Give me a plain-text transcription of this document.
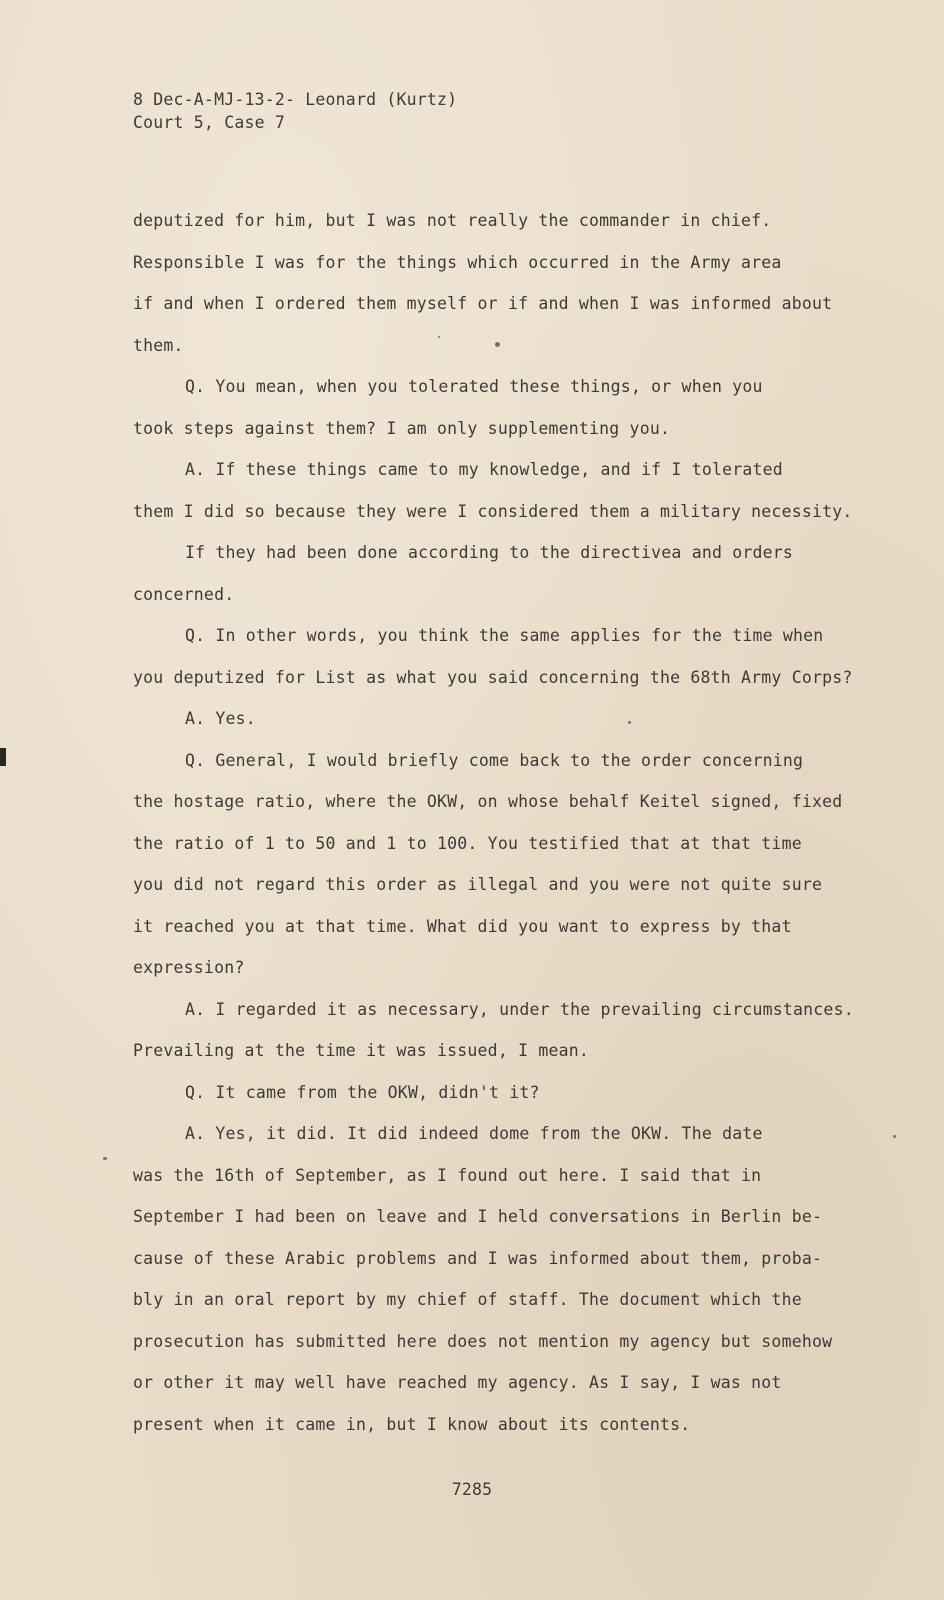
8 Dec-A-MJ-13-2- Leonard (Kurtz)
Court 5, Case 7
deputized for him, but I was not really the commander in chief.
Responsible I was for the things which occurred in the Army area
if and when I ordered them myself or if and when I was informed about
them.
Q. You mean, when you tolerated these things, or when you
took steps against them? I am only supplementing you.
A. If these things came to my knowledge, and if I tolerated
them I did so because they were I considered them a military necessity.
If they had been done according to the directivea and orders
concerned.
Q. In other words, you think the same applies for the time when
you deputized for List as what you said concerning the 68th Army Corps?
A. Yes.
Q. General, I would briefly come back to the order concerning
the hostage ratio, where the OKW, on whose behalf Keitel signed, fixed
the ratio of 1 to 50 and 1 to 100. You testified that at that time
you did not regard this order as illegal and you were not quite sure
it reached you at that time. What did you want to express by that
expression?
A. I regarded it as necessary, under the prevailing circumstances.
Prevailing at the time it was issued, I mean.
Q. It came from the OKW, didn't it?
A. Yes, it did. It did indeed dome from the OKW. The date
was the 16th of September, as I found out here. I said that in
September I had been on leave and I held conversations in Berlin be-
cause of these Arabic problems and I was informed about them, proba-
bly in an oral report by my chief of staff. The document which the
prosecution has submitted here does not mention my agency but somehow
or other it may well have reached my agency. As I say, I was not
present when it came in, but I know about its contents.
7285
